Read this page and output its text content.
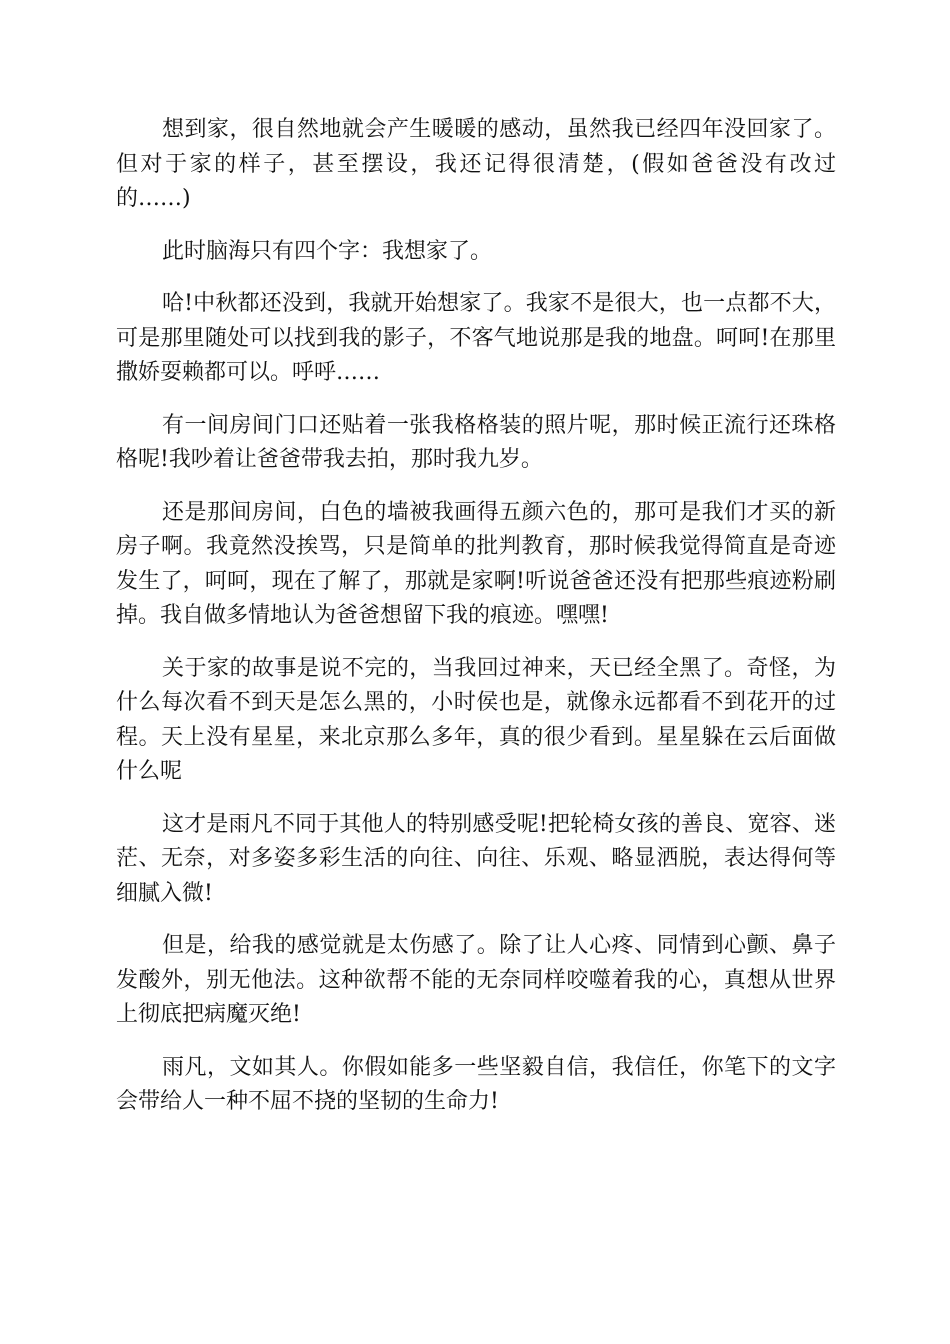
想到家，很自然地就会产生暖暖的感动，虽然我已经四年没回家了。但对于家的样子，甚至摆设，我还记得很清楚，(假如爸爸没有改过的……)

此时脑海只有四个字：我想家了。

哈!中秋都还没到，我就开始想家了。我家不是很大，也一点都不大，可是那里随处可以找到我的影子，不客气地说那是我的地盘。呵呵!在那里撒娇耍赖都可以。呼呼……

有一间房间门口还贴着一张我格格装的照片呢，那时候正流行还珠格格呢!我吵着让爸爸带我去拍，那时我九岁。

还是那间房间，白色的墙被我画得五颜六色的，那可是我们才买的新房子啊。我竟然没挨骂，只是简单的批判教育，那时候我觉得简直是奇迹发生了，呵呵，现在了解了，那就是家啊!听说爸爸还没有把那些痕迹粉刷掉。我自做多情地认为爸爸想留下我的痕迹。嘿嘿!

关于家的故事是说不完的，当我回过神来，天已经全黑了。奇怪，为什么每次看不到天是怎么黑的，小时侯也是，就像永远都看不到花开的过程。天上没有星星，来北京那么多年，真的很少看到。星星躲在云后面做什么呢

这才是雨凡不同于其他人的特别感受呢!把轮椅女孩的善良、宽容、迷茫、无奈，对多姿多彩生活的向往、向往、乐观、略显洒脱，表达得何等细腻入微!

但是，给我的感觉就是太伤感了。除了让人心疼、同情到心颤、鼻子发酸外，别无他法。这种欲帮不能的无奈同样咬噬着我的心，真想从世界上彻底把病魔灭绝!

雨凡，文如其人。你假如能多一些坚毅自信，我信任，你笔下的文字会带给人一种不屈不挠的坚韧的生命力!
